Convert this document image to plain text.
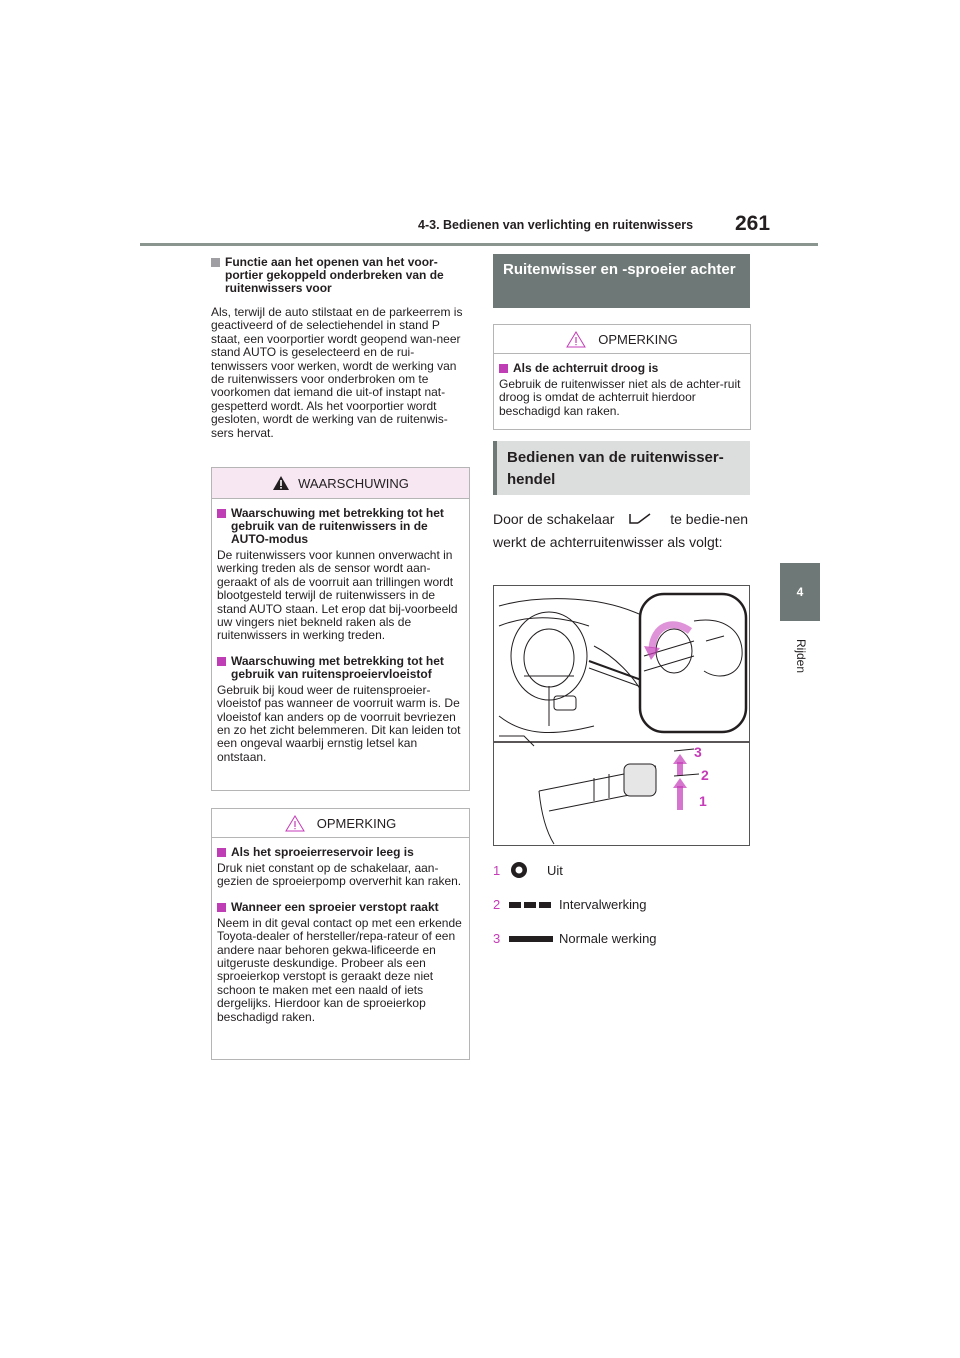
4-3. Bedienen van verlichting en ruitenwissers 261
4
Rijden
Functie aan het openen van het voor-portier gekoppeld onderbreken van de ruitenwissers voor
Als, terwijl de auto stilstaat en de parkeerrem is geactiveerd of de selectiehendel in stand P staat, een voorportier wordt geopend wan-neer stand AUTO is geselecteerd en de rui-tenwissers voor werken, wordt de werking van de ruitenwissers voor onderbroken om te voorkomen dat iemand die uit-of instapt nat-gespetterd wordt. Als het voorportier wordt gesloten, wordt de werking van de ruitenwis-sers hervat.
WAARSCHUWING
Waarschuwing met betrekking tot het gebruik van de ruitenwissers in de AUTO-modus
De ruitenwissers voor kunnen onverwacht in werking treden als de sensor wordt aan-geraakt of als de voorruit aan trillingen wordt blootgesteld terwijl de ruitenwissers in de stand AUTO staan. Let erop dat bij-voorbeeld uw vingers niet bekneld raken als de ruitenwissers in werking treden.
Waarschuwing met betrekking tot het gebruik van ruitensproeiervloeistof
Gebruik bij koud weer de ruitensproeier-vloeistof pas wanneer de voorruit warm is. De vloeistof kan anders op de voorruit bevriezen en zo het zicht belemmeren. Dit kan leiden tot een ongeval waarbij ernstig letsel kan ontstaan.
OPMERKING
Als het sproeierreservoir leeg is
Druk niet constant op de schakelaar, aan-gezien de sproeierpomp oververhit kan raken.
Wanneer een sproeier verstopt raakt
Neem in dit geval contact op met een erkende Toyota-dealer of hersteller/repa-rateur of een andere naar behoren gekwa-lificeerde en uitgeruste deskundige. Probeer als een sproeierkop verstopt is geraakt deze niet schoon te maken met een naald of iets dergelijks. Hierdoor kan de sproeierkop beschadigd raken.
Ruitenwisser en -sproeier achter
OPMERKING
Als de achterruit droog is
Gebruik de ruitenwisser niet als de achter-ruit droog is omdat de achterruit hierdoor beschadigd kan raken.
Bedienen van de ruitenwisser-hendel
Door de schakelaar	te bedie-nen werkt de achterruitenwisser als volgt:
3
2
1
1	Uit
2	Intervalwerking
3	Normale werking
